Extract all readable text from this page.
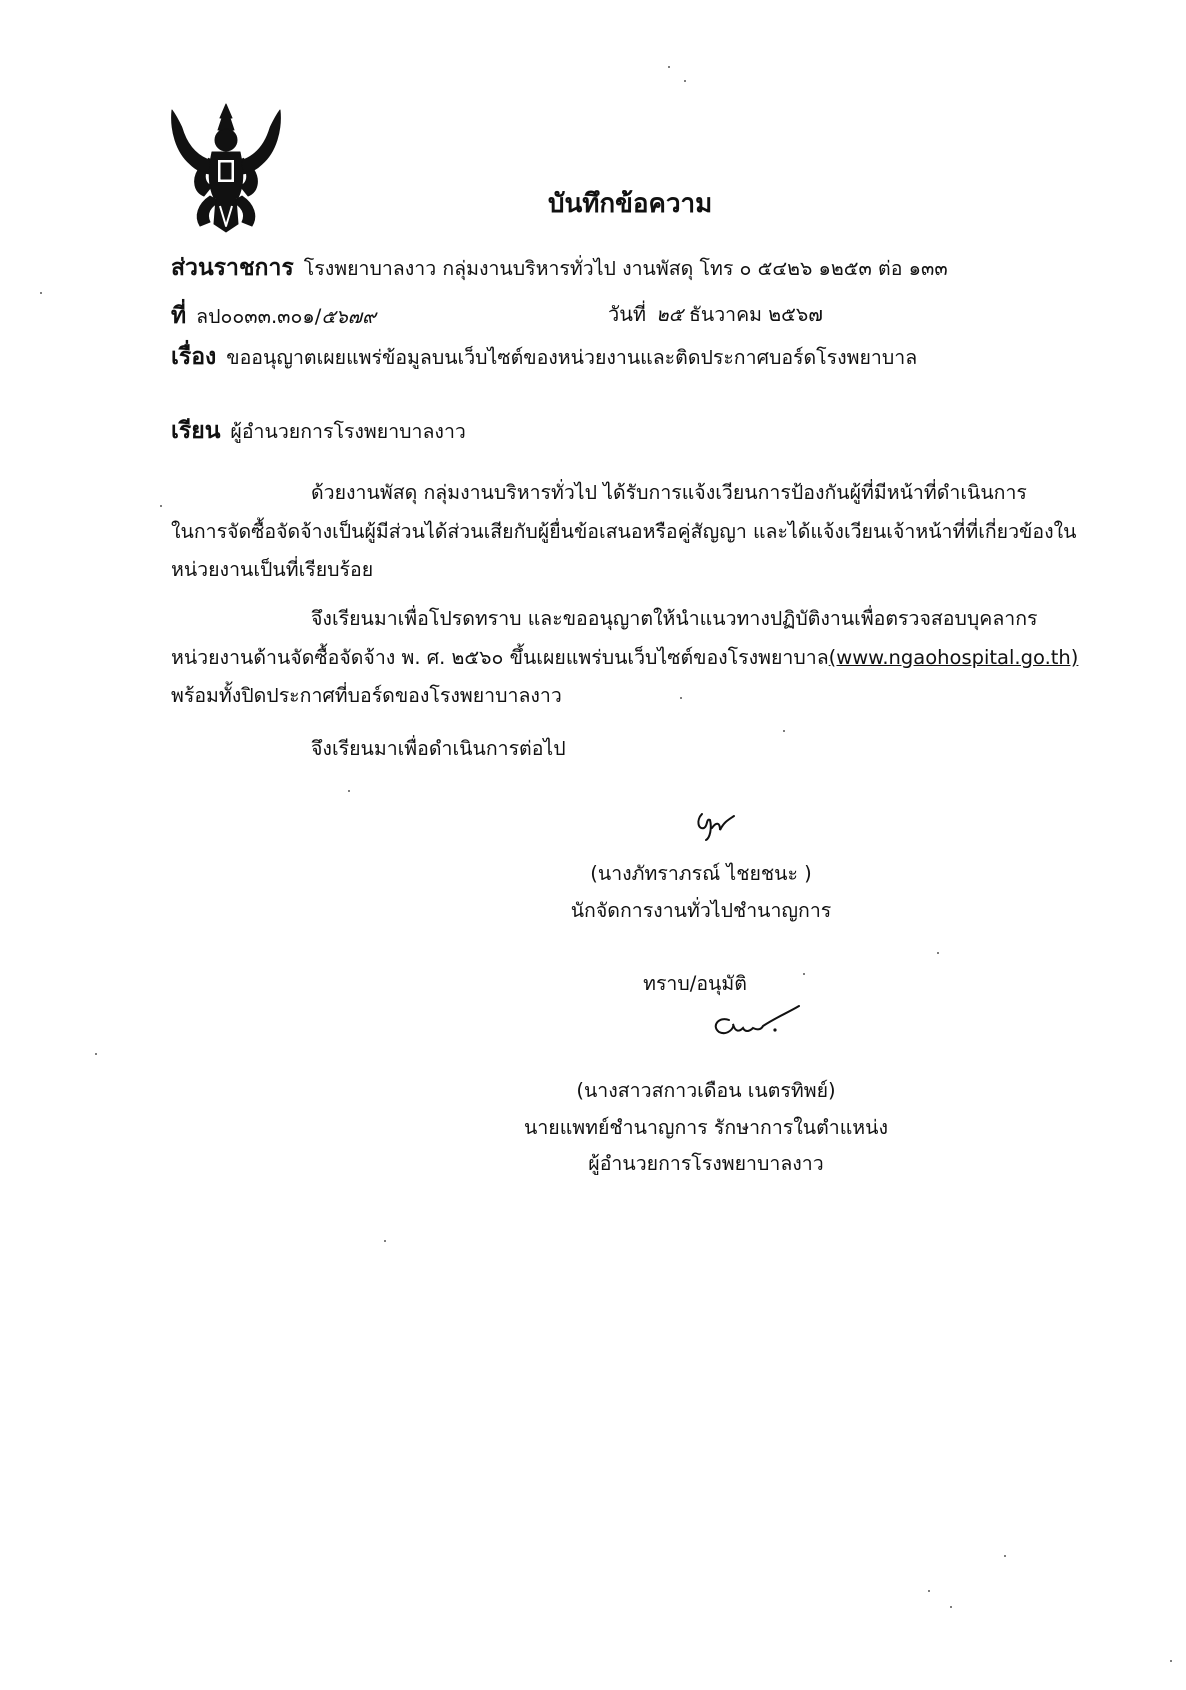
บันทึกข้อความ
ส่วนราชการ โรงพยาบาลงาว กลุ่มงานบริหารทั่วไป งานพัสดุ โทร ๐ ๕๔๒๖ ๑๒๕๓ ต่อ ๑๓๓
ที่ ลป๐๐๓๓.๓๐๑/๕๖๗๙	วันที่ ๒๕ ธันวาคม ๒๕๖๗
เรื่อง ขออนุญาตเผยแพร่ข้อมูลบนเว็บไซต์ของหน่วยงานและติดประกาศบอร์ดโรงพยาบาล
เรียน ผู้อำนวยการโรงพยาบาลงาว
ด้วยงานพัสดุ กลุ่มงานบริหารทั่วไป ได้รับการแจ้งเวียนการป้องกันผู้ที่มีหน้าที่ดำเนินการ
ในการจัดซื้อจัดจ้างเป็นผู้มีส่วนได้ส่วนเสียกับผู้ยื่นข้อเสนอหรือคู่สัญญา และได้แจ้งเวียนเจ้าหน้าที่ที่เกี่ยวข้องใน
หน่วยงานเป็นที่เรียบร้อย
จึงเรียนมาเพื่อโปรดทราบ และขออนุญาตให้นำแนวทางปฏิบัติงานเพื่อตรวจสอบบุคลากร
หน่วยงานด้านจัดซื้อจัดจ้าง พ. ศ. ๒๕๖๐ ขึ้นเผยแพร่บนเว็บไซต์ของโรงพยาบาล(www.ngaohospital.go.th)
พร้อมทั้งปิดประกาศที่บอร์ดของโรงพยาบาลงาว
จึงเรียนมาเพื่อดำเนินการต่อไป
(นางภัทราภรณ์ ไชยชนะ )
นักจัดการงานทั่วไปชำนาญการ
ทราบ/อนุมัติ
(นางสาวสกาวเดือน เนตรทิพย์)
นายแพทย์ชำนาญการ รักษาการในตำแหน่ง
ผู้อำนวยการโรงพยาบาลงาว
